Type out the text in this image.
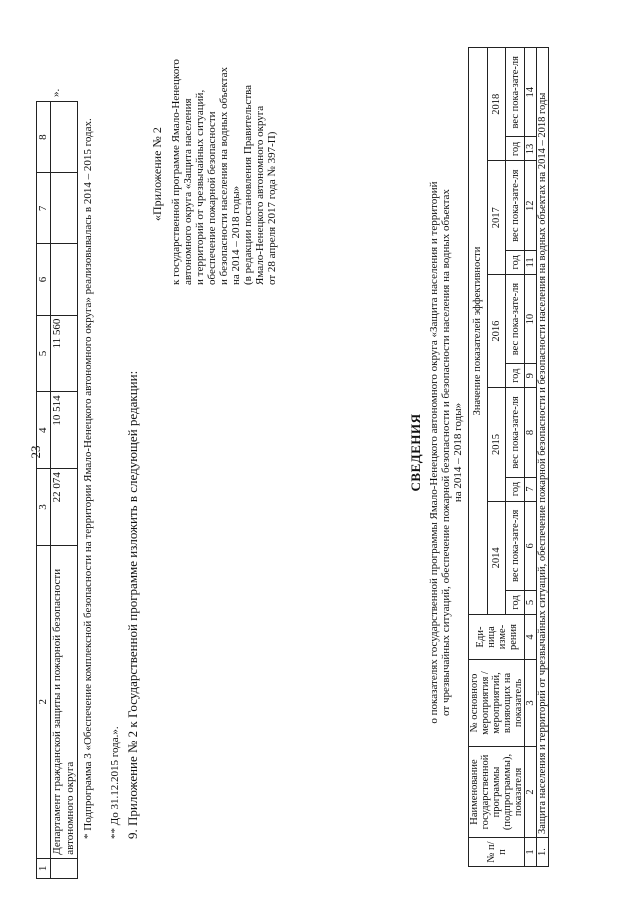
23
1	2	3	4	5	6	7	8
	Департамент гражданской защиты и пожарной безопасности автономного округа	22 074	10 514	11 560			
».
* Подпрограмма 3 «Обеспечение комплексной безопасности на территории Ямало-Ненецкого автономного округа» реализовывалась в 2014 – 2015 годах. ** До 31.12.2015 года.». 9. Приложение № 2 к Государственной программе изложить в следующей редакции:
«Приложение № 2 к государственной программе Ямало-Ненецкого автономного округа «Защита населения и территорий от чрезвычайных ситуаций, обеспечение пожарной безопасности и безопасности населения на водных объектах на 2014 – 2018 годы» (в редакции постановления Правительства Ямало-Ненецкого автономного округа от 28 апреля 2017 года № 397-П)
СВЕДЕНИЯ о показателях государственной программы Ямало-Ненецкого автономного округа «Защита населения и территорий от чрезвычайных ситуаций, обеспечение пожарной безопасности и безопасности населения на водных объектах на 2014 – 2018 годы»
№ п/п	Наименование государственной программы (подпрограммы), показателя	№ основного мероприятия /мероприятий, влияющих на показатель	Еди-ница изме-рения	Значение показателей эффективности									
				2014		2015		2016		2017		2018	
				год	вес пока-зате-ля	год	вес пока-зате-ля	год	вес пока-зате-ля	год	вес пока-зате-ля	год	вес пока-зате-ля
1	2	3	4	5	6	7	8	9	10	11	12	13	14
1.	Защита населения и территорий от чрезвычайных ситуаций, обеспечение пожарной безопасности и безопасности населения на водных объектах на 2014 – 2018 годы												
